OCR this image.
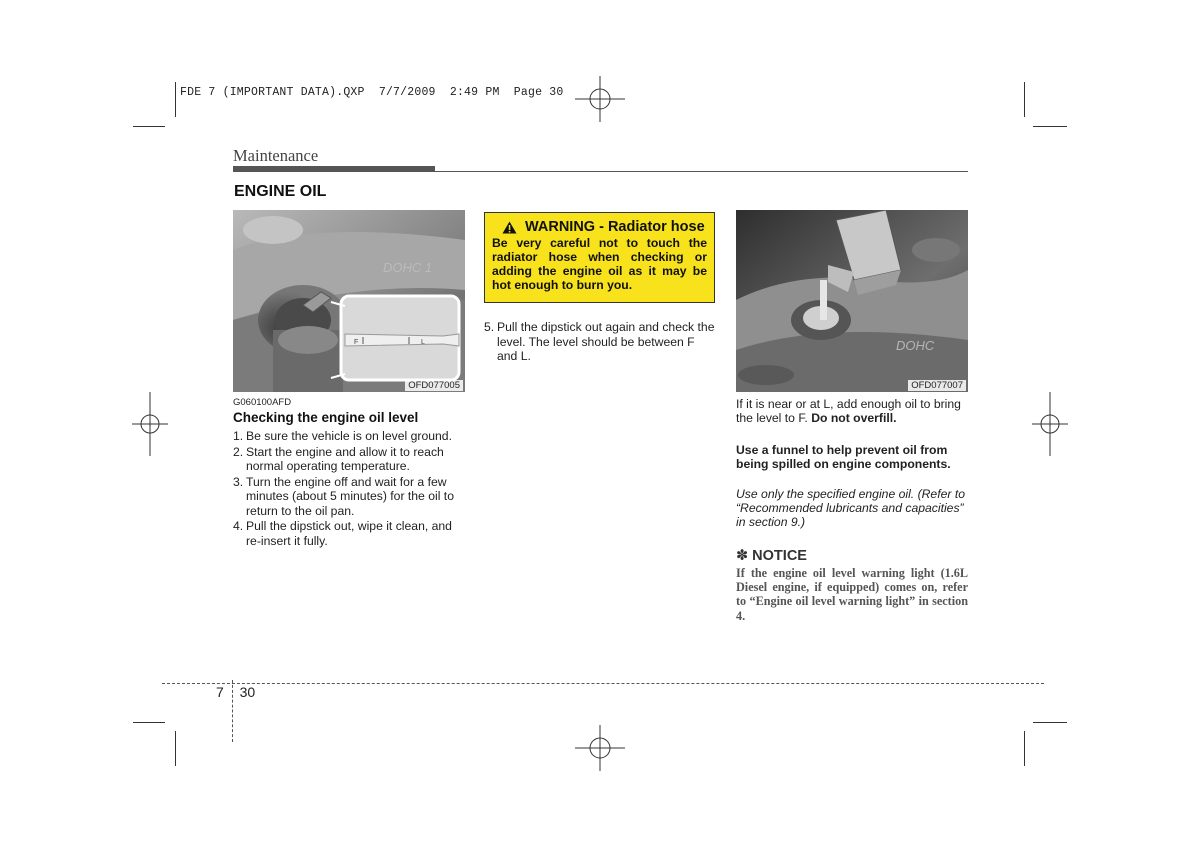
FDE 7 (IMPORTANT DATA).QXP 7/7/2009 2:49 PM Page 30
Maintenance
ENGINE OIL
DOHC 1
F	L
OFD077005
G060100AFD
Checking the engine oil level
1. Be sure the vehicle is on level ground.
2. Start the engine and allow it to reach normal operating temperature.
3. Turn the engine off and wait for a few minutes (about 5 minutes) for the oil to return to the oil pan.
4. Pull the dipstick out, wipe it clean, and re-insert it fully.
WARNING - Radiator hose
Be very careful not to touch the radiator hose when checking or adding the engine oil as it may be hot enough to burn you.
5. Pull the dipstick out again and check the level. The level should be between F and L.
DOHC
OFD077007
If it is near or at L, add enough oil to bring the level to F. Do not overfill.
Use a funnel to help prevent oil from being spilled on engine components.
Use only the specified engine oil. (Refer to “Recommended lubricants and capacities” in section 9.)
✽ NOTICE
If the engine oil level warning light (1.6L Diesel engine, if equipped) comes on, refer to “Engine oil level warning light” in section 4.
7 30
